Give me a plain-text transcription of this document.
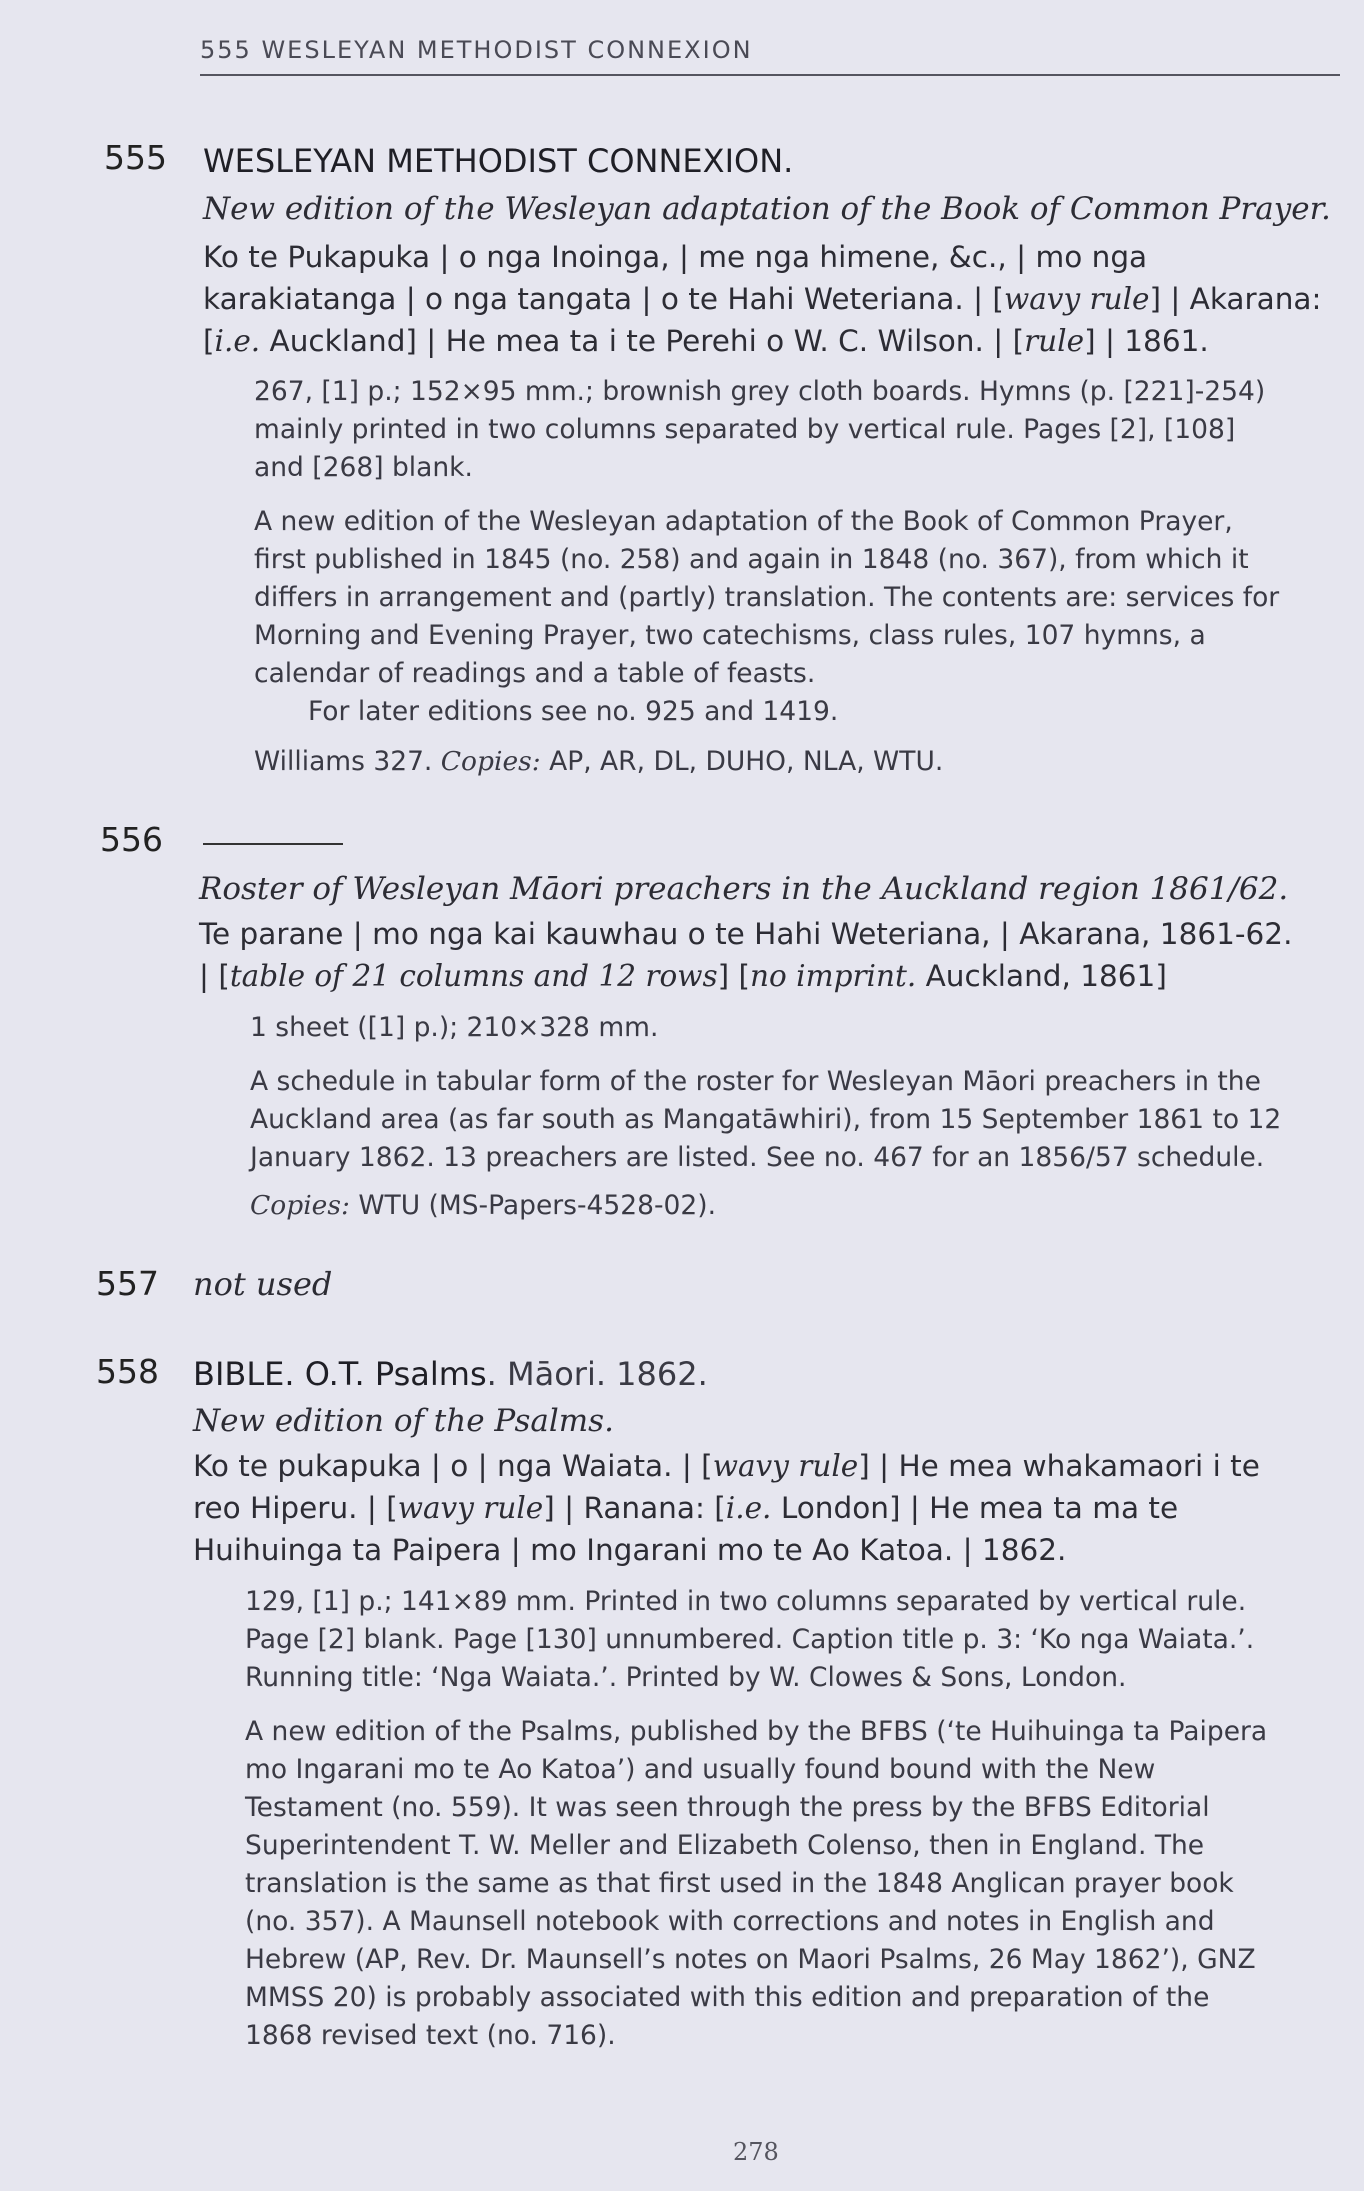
555 WESLEYAN METHODIST CONNEXION
555 WESLEYAN METHODIST CONNEXION.
New edition of the Wesleyan adaptation of the Book of Common Prayer.
Ko te Pukapuka | o nga Inoinga, | me nga himene, &c., | mo nga
karakiatanga | o nga tangata | o te Hahi Weteriana. | [wavy rule] | Akarana:
[i.e. Auckland] | He mea ta i te Perehi o W. C. Wilson. | [rule] | 1861.
267, [1] p.; 152×95 mm.; brownish grey cloth boards. Hymns (p. [221]-254)
mainly printed in two columns separated by vertical rule. Pages [2], [108]
and [268] blank.
A new edition of the Wesleyan adaptation of the Book of Common Prayer,
first published in 1845 (no. 258) and again in 1848 (no. 367), from which it
differs in arrangement and (partly) translation. The contents are: services for
Morning and Evening Prayer, two catechisms, class rules, 107 hymns, a
calendar of readings and a table of feasts.
For later editions see no. 925 and 1419.
Williams 327. Copies: AP, AR, DL, DUHO, NLA, WTU.
556
Roster of Wesleyan Māori preachers in the Auckland region 1861/62.
Te parane | mo nga kai kauwhau o te Hahi Weteriana, | Akarana, 1861-62.
| [table of 21 columns and 12 rows] [no imprint. Auckland, 1861]
1 sheet ([1] p.); 210×328 mm.
A schedule in tabular form of the roster for Wesleyan Māori preachers in the
Auckland area (as far south as Mangatāwhiri), from 15 September 1861 to 12
January 1862. 13 preachers are listed. See no. 467 for an 1856/57 schedule.
Copies: WTU (MS-Papers-4528-02).
557 not used
558 BIBLE. O.T. Psalms. Māori. 1862.
New edition of the Psalms.
Ko te pukapuka | o | nga Waiata. | [wavy rule] | He mea whakamaori i te
reo Hiperu. | [wavy rule] | Ranana: [i.e. London] | He mea ta ma te
Huihuinga ta Paipera | mo Ingarani mo te Ao Katoa. | 1862.
129, [1] p.; 141×89 mm. Printed in two columns separated by vertical rule.
Page [2] blank. Page [130] unnumbered. Caption title p. 3: ‘Ko nga Waiata.’.
Running title: ‘Nga Waiata.’. Printed by W. Clowes & Sons, London.
A new edition of the Psalms, published by the BFBS (‘te Huihuinga ta Paipera
mo Ingarani mo te Ao Katoa’) and usually found bound with the New
Testament (no. 559). It was seen through the press by the BFBS Editorial
Superintendent T. W. Meller and Elizabeth Colenso, then in England. The
translation is the same as that first used in the 1848 Anglican prayer book
(no. 357). A Maunsell notebook with corrections and notes in English and
Hebrew (AP, Rev. Dr. Maunsell’s notes on Maori Psalms, 26 May 1862’), GNZ
MMSS 20) is probably associated with this edition and preparation of the
1868 revised text (no. 716).
278
